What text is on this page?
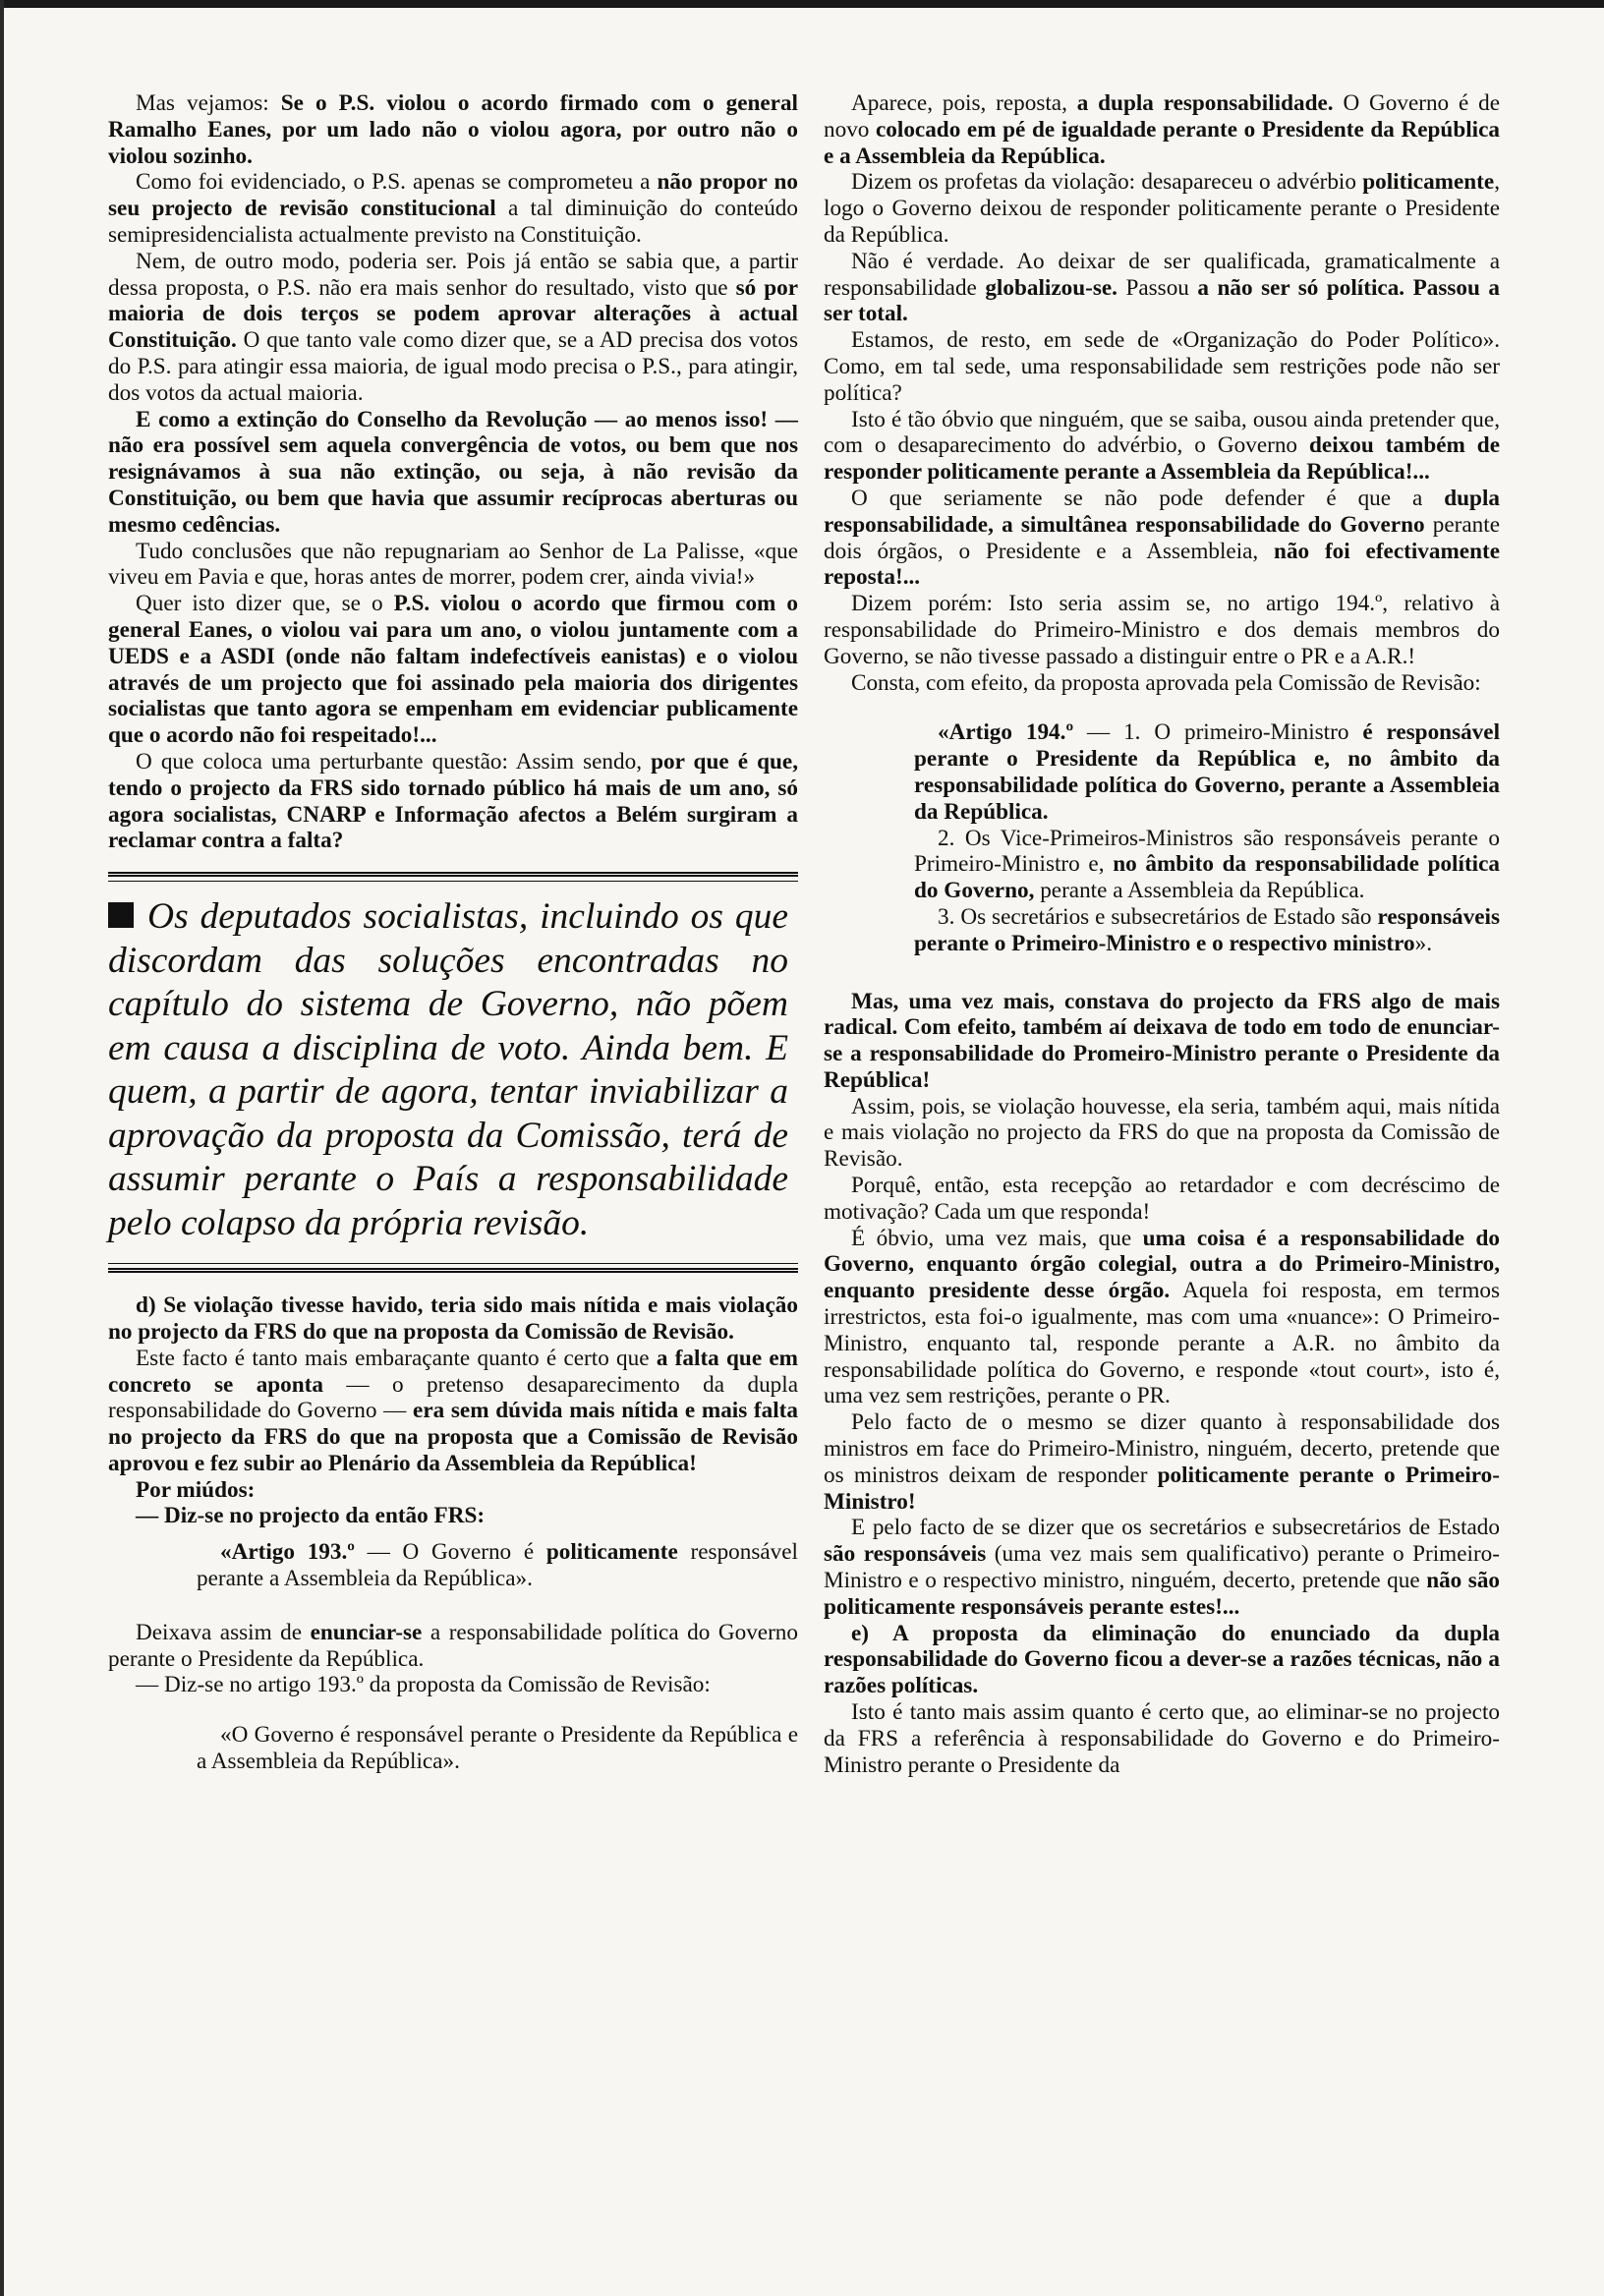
Mas vejamos: Se o P.S. violou o acordo firmado com o general Ramalho Eanes, por um lado não o violou agora, por outro não o violou sozinho.

Como foi evidenciado, o P.S. apenas se comprometeu a não propor no seu projecto de revisão constitucional a tal diminuição do conteúdo semipresidencialista actualmente previsto na Constituição.

Nem, de outro modo, poderia ser. Pois já então se sabia que, a partir dessa proposta, o P.S. não era mais senhor do resultado, visto que só por maioria de dois terços se podem aprovar alterações à actual Constituição. O que tanto vale como dizer que, se a AD precisa dos votos do P.S. para atingir essa maioria, de igual modo precisa o P.S., para atingir, dos votos da actual maioria.

E como a extinção do Conselho da Revolução — ao menos isso! — não era possível sem aquela convergência de votos, ou bem que nos resignávamos à sua não extinção, ou seja, à não revisão da Constituição, ou bem que havia que assumir recíprocas aberturas ou mesmo cedências.

Tudo conclusões que não repugnariam ao Senhor de La Palisse, «que viveu em Pavia e que, horas antes de morrer, podem crer, ainda vivia!»

Quer isto dizer que, se o P.S. violou o acordo que firmou com o general Eanes, o violou vai para um ano, o violou juntamente com a UEDS e a ASDI (onde não faltam indefectíveis eanistas) e o violou através de um projecto que foi assinado pela maioria dos dirigentes socialistas que tanto agora se empenham em evidenciar publicamente que o acordo não foi respeitado!...

O que coloca uma perturbante questão: Assim sendo, por que é que, tendo o projecto da FRS sido tornado público há mais de um ano, só agora socialistas, CNARP e Informação afectos a Belém surgiram a reclamar contra a falta?

Os deputados socialistas, incluindo os que discordam das soluções encontradas no capítulo do sistema de Governo, não põem em causa a disciplina de voto. Ainda bem. E quem, a partir de agora, tentar inviabilizar a aprovação da proposta da Comissão, terá de assumir perante o País a responsabilidade pelo colapso da própria revisão.

d) Se violação tivesse havido, teria sido mais nítida e mais violação no projecto da FRS do que na proposta da Comissão de Revisão.

Este facto é tanto mais embaraçante quanto é certo que a falta que em concreto se aponta — o pretenso desaparecimento da dupla responsabilidade do Governo — era sem dúvida mais nítida e mais falta no projecto da FRS do que na proposta que a Comissão de Revisão aprovou e fez subir ao Plenário da Assembleia da República!

Por miúdos:

— Diz-se no projecto da então FRS:

«Artigo 193.º — O Governo é politicamente responsável perante a Assembleia da República».

Deixava assim de enunciar-se a responsabilidade política do Governo perante o Presidente da República.

— Diz-se no artigo 193.º da proposta da Comissão de Revisão:

«O Governo é responsável perante o Presidente da República e a Assembleia da República».

Aparece, pois, reposta, a dupla responsabilidade. O Governo é de novo colocado em pé de igualdade perante o Presidente da República e a Assembleia da República.

Dizem os profetas da violação: desapareceu o advérbio politicamente, logo o Governo deixou de responder politicamente perante o Presidente da República.

Não é verdade. Ao deixar de ser qualificada, gramaticalmente a responsabilidade globalizou-se. Passou a não ser só política. Passou a ser total.

Estamos, de resto, em sede de «Organização do Poder Político». Como, em tal sede, uma responsabilidade sem restrições pode não ser política?

Isto é tão óbvio que ninguém, que se saiba, ousou ainda pretender que, com o desaparecimento do advérbio, o Governo deixou também de responder politicamente perante a Assembleia da República!...

O que seriamente se não pode defender é que a dupla responsabilidade, a simultânea responsabilidade do Governo perante dois órgãos, o Presidente e a Assembleia, não foi efectivamente reposta!...

Dizem porém: Isto seria assim se, no artigo 194.º, relativo à responsabilidade do Primeiro-Ministro e dos demais membros do Governo, se não tivesse passado a distinguir entre o PR e a A.R.!

Consta, com efeito, da proposta aprovada pela Comissão de Revisão:

«Artigo 194.º — 1. O primeiro-Ministro é responsável perante o Presidente da República e, no âmbito da responsabilidade política do Governo, perante a Assembleia da República.
2. Os Vice-Primeiros-Ministros são responsáveis perante o Primeiro-Ministro e, no âmbito da responsabilidade política do Governo, perante a Assembleia da República.
3. Os secretários e subsecretários de Estado são responsáveis perante o Primeiro-Ministro e o respectivo ministro».

Mas, uma vez mais, constava do projecto da FRS algo de mais radical. Com efeito, também aí deixava de todo em todo de enunciar-se a responsabilidade do Promeiro-Ministro perante o Presidente da República!

Assim, pois, se violação houvesse, ela seria, também aqui, mais nítida e mais violação no projecto da FRS do que na proposta da Comissão de Revisão.

Porquê, então, esta recepção ao retardador e com decréscimo de motivação? Cada um que responda!

É óbvio, uma vez mais, que uma coisa é a responsabilidade do Governo, enquanto órgão colegial, outra a do Primeiro-Ministro, enquanto presidente desse órgão. Aquela foi resposta, em termos irrestrictos, esta foi-o igualmente, mas com uma «nuance»: O Primeiro-Ministro, enquanto tal, responde perante a A.R. no âmbito da responsabilidade política do Governo, e responde «tout court», isto é, uma vez sem restrições, perante o PR.

Pelo facto de o mesmo se dizer quanto à responsabilidade dos ministros em face do Primeiro-Ministro, ninguém, decerto, pretende que os ministros deixam de responder politicamente perante o Primeiro-Ministro!

E pelo facto de se dizer que os secretários e subsecretários de Estado são responsáveis (uma vez mais sem qualificativo) perante o Primeiro-Ministro e o respectivo ministro, ninguém, decerto, pretende que não são politicamente responsáveis perante estes!...

e) A proposta da eliminação do enunciado da dupla responsabilidade do Governo ficou a dever-se a razões técnicas, não a razões políticas.

Isto é tanto mais assim quanto é certo que, ao eliminar-se no projecto da FRS a referência à responsabilidade do Governo e do Primeiro-Ministro perante o Presidente da
